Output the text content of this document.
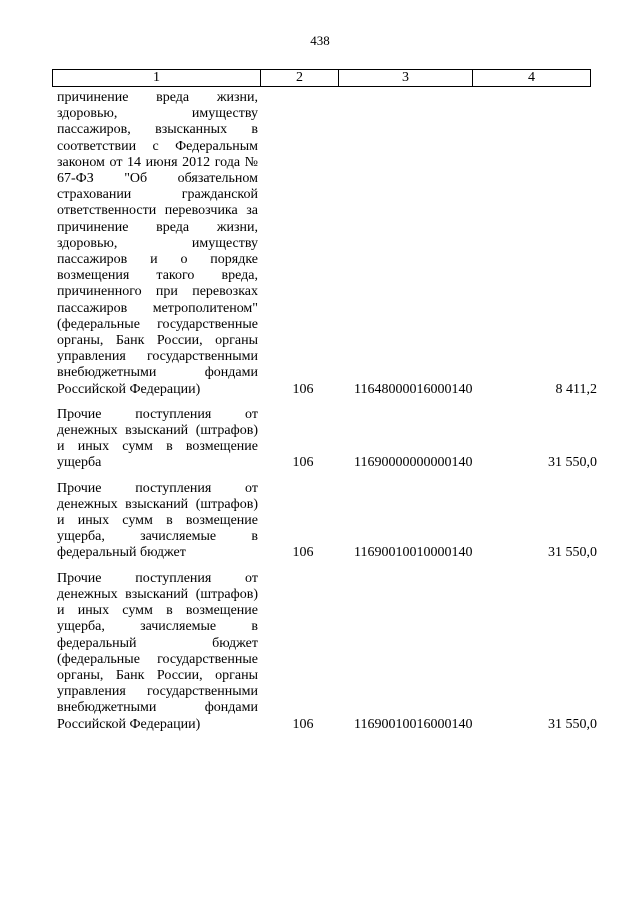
438
1	2	3	4
причинение вреда жизни, здоровью, имуществу пассажиров, взысканных в соответствии с Федеральным законом от 14 июня 2012 года № 67-ФЗ "Об обязательном страховании гражданской ответственности перевозчика за причинение вреда жизни, здоровью, имуществу пассажиров и о порядке возмещения такого вреда, причиненного при перевозках пассажиров метрополитеном" (федеральные государственные органы, Банк России, органы управления государственными внебюджетными фондами Российской Федерации)	106	11648000016000140	8 411,2
Прочие поступления от денежных взысканий (штрафов) и иных сумм в возмещение ущерба	106	11690000000000140	31 550,0
Прочие поступления от денежных взысканий (штрафов) и иных сумм в возмещение ущерба, зачисляемые в федеральный бюджет	106	11690010010000140	31 550,0
Прочие поступления от денежных взысканий (штрафов) и иных сумм в возмещение ущерба, зачисляемые в федеральный бюджет (федеральные государственные органы, Банк России, органы управления государственными внебюджетными фондами Российской Федерации)	106	11690010016000140	31 550,0
